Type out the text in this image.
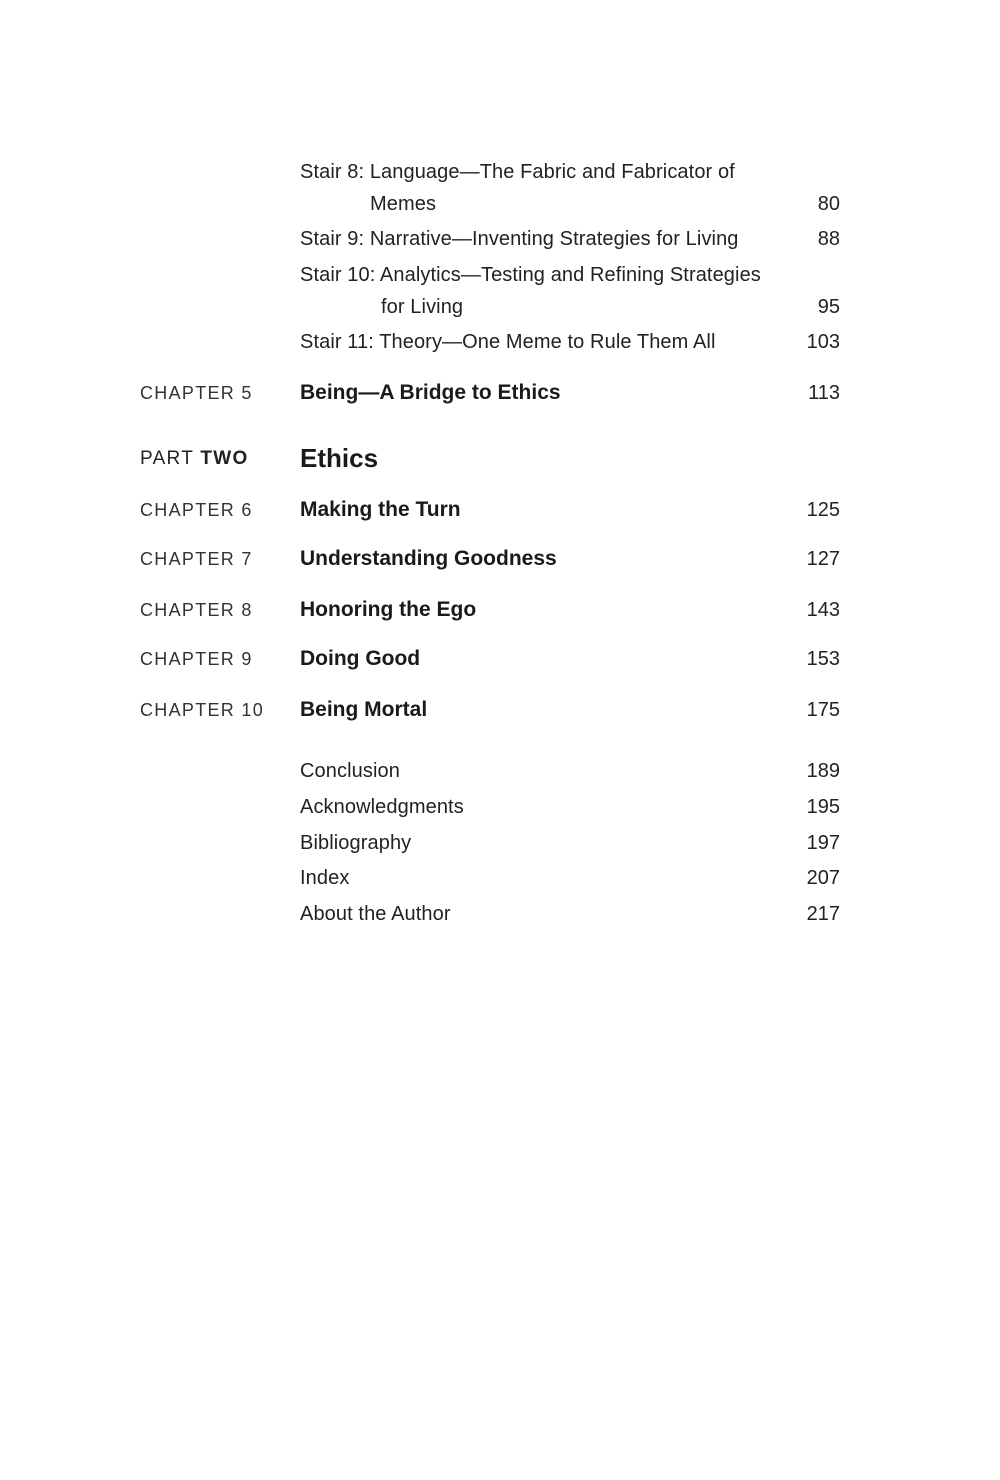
Stair 8: Language—The Fabric and Fabricator of
Memes	80
Stair 9: Narrative—Inventing Strategies for Living	88
Stair 10: Analytics—Testing and Refining Strategies
for Living	95
Stair 11: Theory—One Meme to Rule Them All	103
CHAPTER 5 Being—A Bridge to Ethics	113
PART TWO Ethics
CHAPTER 6 Making the Turn	125
CHAPTER 7 Understanding Goodness	127
CHAPTER 8 Honoring the Ego	143
CHAPTER 9 Doing Good	153
CHAPTER 10 Being Mortal	175
Conclusion	189
Acknowledgments	195
Bibliography	197
Index	207
About the Author	217
